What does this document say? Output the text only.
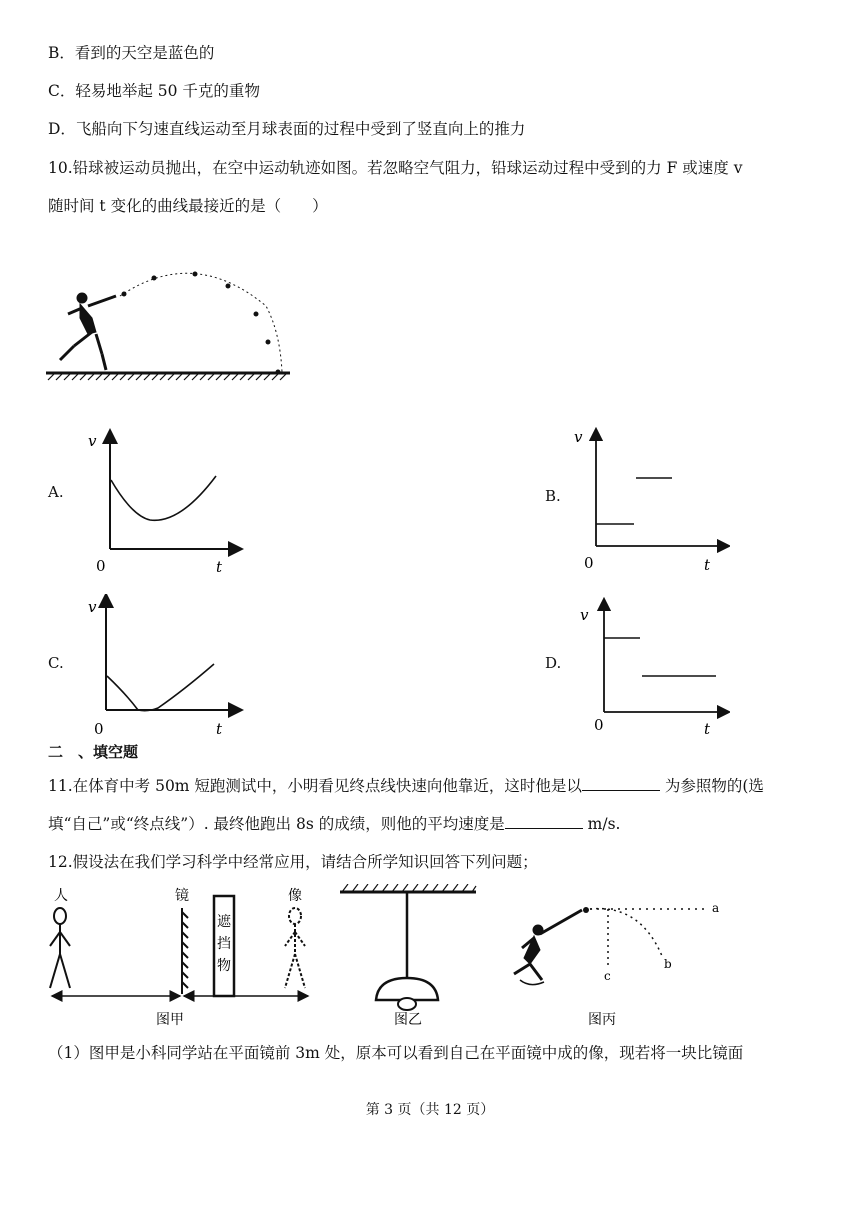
B．看到的天空是蓝色的
C．轻易地举起 50 千克的重物
D．飞船向下匀速直线运动至月球表面的过程中受到了竖直向上的推力
10.铅球被运动员抛出，在空中运动轨迹如图。若忽略空气阻力，铅球运动过程中受到的力 F 或速度 v
随时间 t 变化的曲线最接近的是（　　）
A.
v
t
0
B.
v
t
0
C.
v
t
0
D.
v
t
0
二　、填空题
11.在体育中考 50m 短跑测试中，小明看见终点线快速向他靠近，这时他是以	为参照物的(选
填“自己”或“终点线”）. 最终他跑出 8s 的成绩，则他的平均速度是	m/s.
12.假设法在我们学习科学中经常应用，请结合所学知识回答下列问题；
人	镜
遮
挡
物
像
图甲	图乙
a
b
c
图丙
（1）图甲是小科同学站在平面镜前 3m 处，原本可以看到自己在平面镜中成的像，现若将一块比镜面
第 3 页（共 12 页）
